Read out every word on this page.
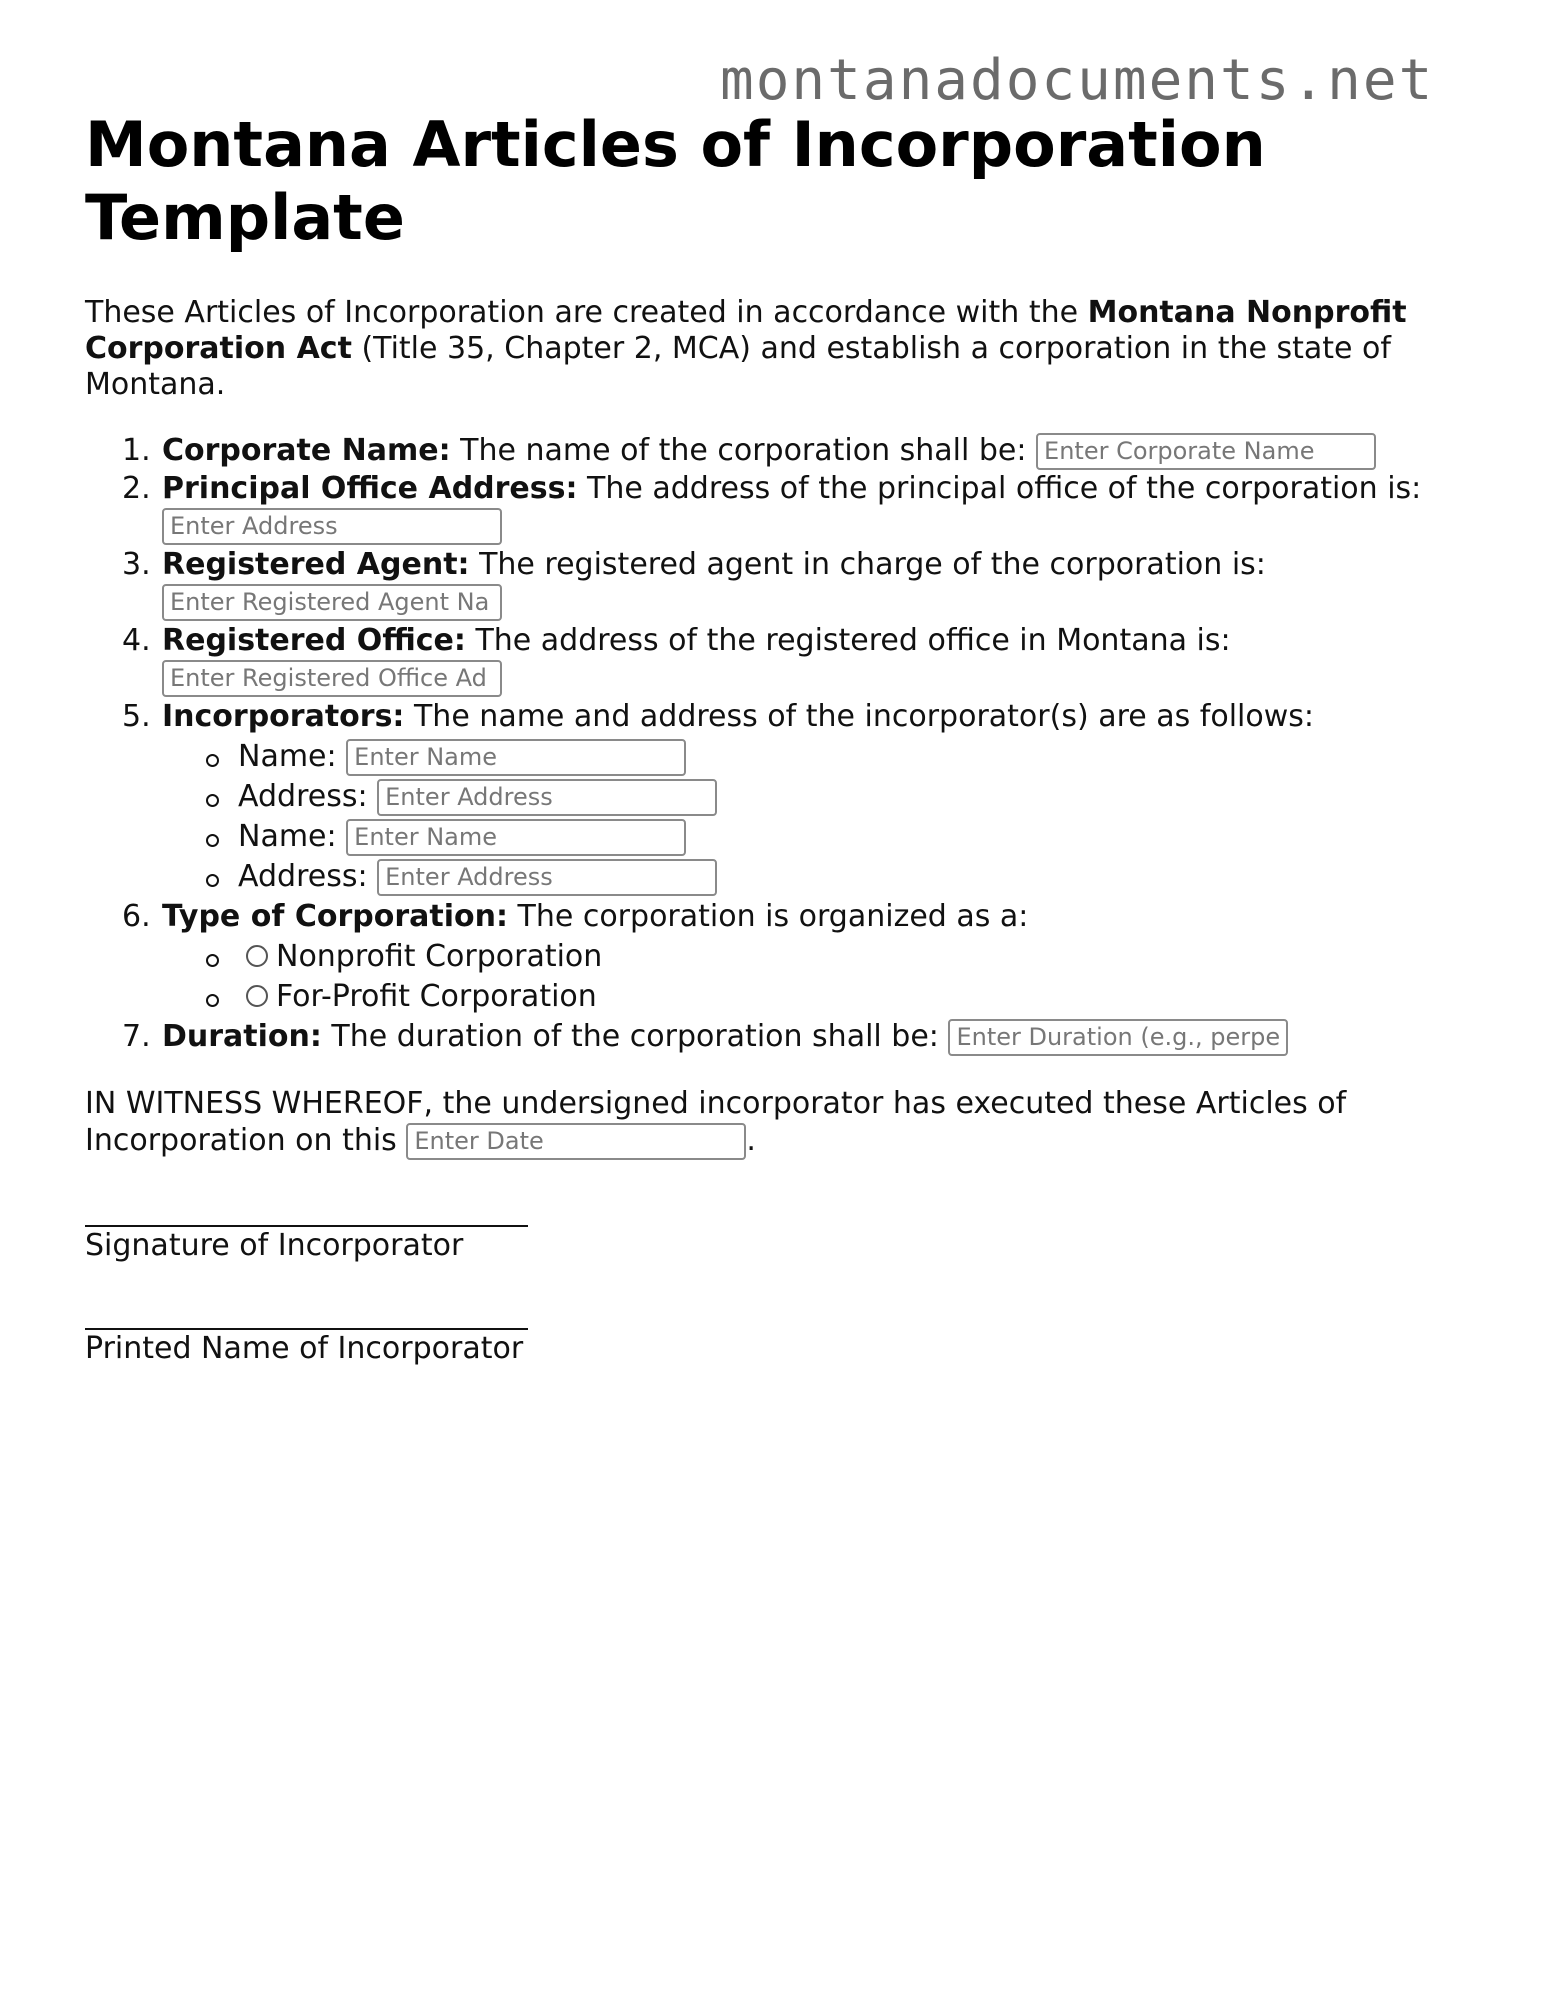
montanadocuments.net
Montana Articles of Incorporation Template

These Articles of Incorporation are created in accordance with the Montana Nonprofit Corporation Act (Title 35, Chapter 2, MCA) and establish a corporation in the state of Montana.

1. Corporate Name: The name of the corporation shall be: Enter Corporate Name
2. Principal Office Address: The address of the principal office of the corporation is:
Enter Address
3. Registered Agent: The registered agent in charge of the corporation is:
Enter Registered Agent Na
4. Registered Office: The address of the registered office in Montana is:
Enter Registered Office Ad
5. Incorporators: The name and address of the incorporator(s) are as follows:
Name: Enter Name
Address: Enter Address
Name: Enter Name
Address: Enter Address
6. Type of Corporation: The corporation is organized as a:
Nonprofit Corporation
For-Profit Corporation
7. Duration: The duration of the corporation shall be: Enter Duration (e.g., perpe

IN WITNESS WHEREOF, the undersigned incorporator has executed these Articles of Incorporation on this Enter Date	.

Signature of Incorporator
Printed Name of Incorporator
